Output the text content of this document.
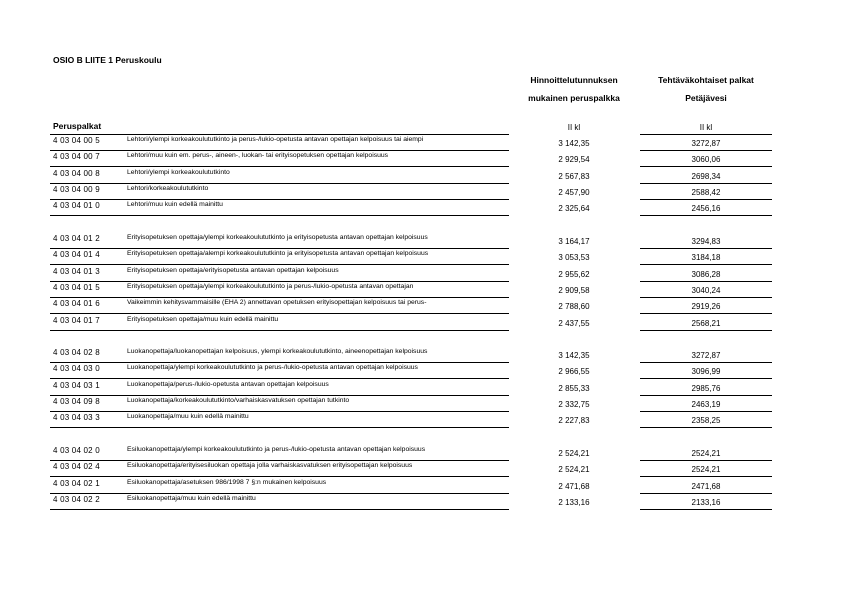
OSIO B LIITE 1 Peruskoulu
Hinnoittelutunnuksen
mukainen peruspalkka
Tehtäväkohtaiset palkat
Petäjävesi
Peruspalkat	II kl	II kl
4 03 04 00 5	Lehtori/ylempi korkeakoulututkinto ja perus-/lukio-opetusta antavan opettajan kelpoisuus tai aiempi	3 142,35	3272,87
4 03 04 00 7	Lehtori/muu kuin em. perus-, aineen-, luokan- tai erityisopetuksen opettajan kelpoisuus	2 929,54	3060,06
4 03 04 00 8	Lehtori/ylempi korkeakoulututkinto	2 567,83	2698,34
4 03 04 00 9	Lehtori/korkeakoulututkinto	2 457,90	2588,42
4 03 04 01 0	Lehtori/muu kuin edellä mainittu	2 325,64	2456,16
4 03 04 01 2	Erityisopetuksen opettaja/ylempi korkeakoulututkinto ja erityisopetusta antavan opettajan kelpoisuus	3 164,17	3294,83
4 03 04 01 4	Erityisopetuksen opettaja/alempi korkeakoulututkinto ja erityisopetusta antavan opettajan kelpoisuus	3 053,53	3184,18
4 03 04 01 3	Erityisopetuksen opettaja/erityisopetusta antavan opettajan kelpoisuus	2 955,62	3086,28
4 03 04 01 5	Erityisopetuksen opettaja/ylempi korkeakoulututkinto ja perus-/lukio-opetusta antavan opettajan	2 909,58	3040,24
4 03 04 01 6	Vaikeimmin kehitysvammaisille (EHA 2) annettavan opetuksen erityisopettajan kelpoisuus tai perus-	2 788,60	2919,26
4 03 04 01 7	Erityisopetuksen opettaja/muu kuin edellä mainittu	2 437,55	2568,21
4 03 04 02 8	Luokanopettaja/luokanopettajan kelpoisuus, ylempi korkeakoulututkinto, aineenopettajan kelpoisuus	3 142,35	3272,87
4 03 04 03 0	Luokanopettaja/ylempi korkeakoulututkinto ja perus-/lukio-opetusta antavan opettajan kelpoisuus	2 966,55	3096,99
4 03 04 03 1	Luokanopettaja/perus-/lukio-opetusta antavan opettajan kelpoisuus	2 855,33	2985,76
4 03 04 09 8	Luokanopettaja/korkeakoulututkinto/varhaiskasvatuksen opettajan tutkinto	2 332,75	2463,19
4 03 04 03 3	Luokanopettaja/muu kuin edellä mainittu	2 227,83	2358,25
4 03 04 02 0	Esiluokanopettaja/ylempi korkeakoulututkinto ja perus-/lukio-opetusta antavan opettajan kelpoisuus	2 524,21	2524,21
4 03 04 02 4	Esiluokanopettaja/erityisesiluokan opettaja jolla varhaiskasvatuksen erityisopettajan kelpoisuus	2 524,21	2524,21
4 03 04 02 1	Esiluokanopettaja/asetuksen 986/1998 7 §:n mukainen kelpoisuus	2 471,68	2471,68
4 03 04 02 2	Esiluokanopettaja/muu kuin edellä mainittu	2 133,16	2133,16
